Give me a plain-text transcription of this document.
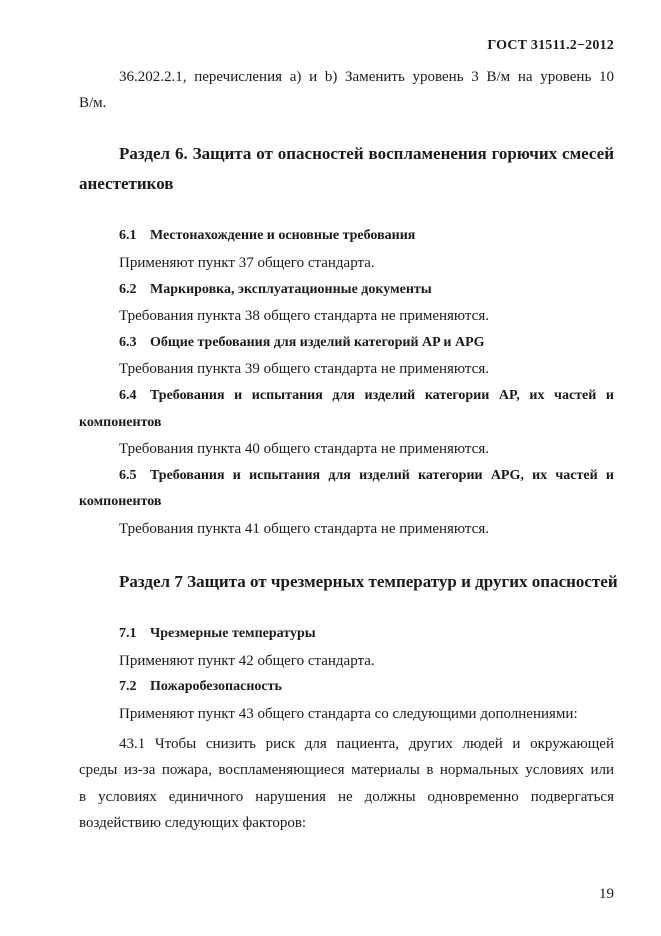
ГОСТ 31511.2−2012
36.202.2.1, перечисления a) и b) Заменить уровень 3 В/м на уровень 10
В/м.
Раздел 6. Защита от опасностей воспламенения горючих смесей
анестетиков
6.1 Местонахождение и основные требования
Применяют пункт 37 общего стандарта.
6.2 Маркировка, эксплуатационные документы
Требования пункта 38 общего стандарта не применяются.
6.3 Общие требования для изделий категорий AP и APG
Требования пункта 39 общего стандарта не применяются.
6.4 Требования и испытания для изделий категории AP, их частей и
компонентов
Требования пункта 40 общего стандарта не применяются.
6.5 Требования и испытания для изделий категории APG, их частей и
компонентов
Требования пункта 41 общего стандарта не применяются.
Раздел 7 Защита от чрезмерных температур и других опасностей
7.1 Чрезмерные температуры
Применяют пункт 42 общего стандарта.
7.2 Пожаробезопасность
Применяют пункт 43 общего стандарта со следующими дополнениями:
43.1 Чтобы снизить риск для пациента, других людей и окружающей
среды из-за пожара, воспламеняющиеся материалы в нормальных условиях или
в условиях единичного нарушения не должны одновременно подвергаться
воздействию следующих факторов:
19
